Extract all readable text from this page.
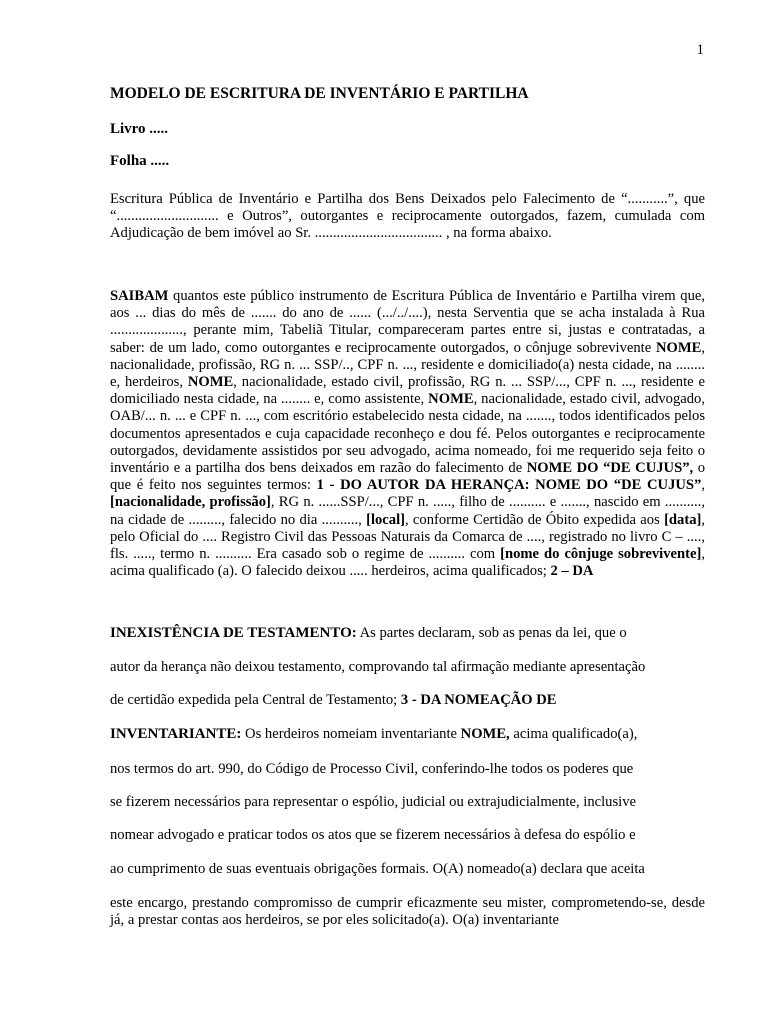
1
MODELO DE ESCRITURA DE INVENTÁRIO E PARTILHA
Livro .....
Folha .....
Escritura Pública de Inventário e Partilha dos Bens Deixados pelo Falecimento de “...........”, que “............................ e Outros”, outorgantes e reciprocamente outorgados, fazem, cumulada com Adjudicação de bem imóvel ao Sr. ................................... , na forma abaixo.
SAIBAM quantos este público instrumento de Escritura Pública de Inventário e Partilha virem que, aos ... dias do mês de ....... do ano de ...... (.../../....), nesta Serventia que se acha instalada à Rua ...................., perante mim, Tabeliã Titular, compareceram partes entre si, justas e contratadas, a saber: de um lado, como outorgantes e reciprocamente outorgados, o cônjuge sobrevivente NOME, nacionalidade, profissão, RG n. ... SSP/.., CPF n. ..., residente e domiciliado(a) nesta cidade, na ........ e, herdeiros, NOME, nacionalidade, estado civil, profissão, RG n. ... SSP/..., CPF n. ..., residente e domiciliado nesta cidade, na ........ e, como assistente, NOME, nacionalidade, estado civil, advogado, OAB/... n. ... e CPF n. ..., com escritório estabelecido nesta cidade, na ......., todos identificados pelos documentos apresentados e cuja capacidade reconheço e dou fé. Pelos outorgantes e reciprocamente outorgados, devidamente assistidos por seu advogado, acima nomeado, foi me requerido seja feito o inventário e a partilha dos bens deixados em razão do falecimento de NOME DO “DE CUJUS”, o que é feito nos seguintes termos: 1 - DO AUTOR DA HERANÇA: NOME DO “DE CUJUS”, [nacionalidade, profissão], RG n. ......SSP/..., CPF n. ....., filho de .......... e ......., nascido em .........., na cidade de ........., falecido no dia .........., [local], conforme Certidão de Óbito expedida aos [data], pelo Oficial do .... Registro Civil das Pessoas Naturais da Comarca de ...., registrado no livro C – ...., fls. ....., termo n. .......... Era casado sob o regime de .......... com [nome do cônjuge sobrevivente], acima qualificado (a). O falecido deixou ..... herdeiros, acima qualificados; 2 – DA
INEXISTÊNCIA DE TESTAMENTO: As partes declaram, sob as penas da lei, que o
autor da herança não deixou testamento, comprovando tal afirmação mediante apresentação
de certidão expedida pela Central de Testamento; 3 - DA NOMEAÇÃO DE
INVENTARIANTE: Os herdeiros nomeiam inventariante NOME, acima qualificado(a),
nos termos do art. 990, do Código de Processo Civil, conferindo-lhe todos os poderes que
se fizerem necessários para representar o espólio, judicial ou extrajudicialmente, inclusive
nomear advogado e praticar todos os atos que se fizerem necessários à defesa do espólio e
ao cumprimento de suas eventuais obrigações formais. O(A) nomeado(a) declara que aceita
este encargo, prestando compromisso de cumprir eficazmente seu mister, comprometendo-se, desde já, a prestar contas aos herdeiros, se por eles solicitado(a). O(a) inventariante
